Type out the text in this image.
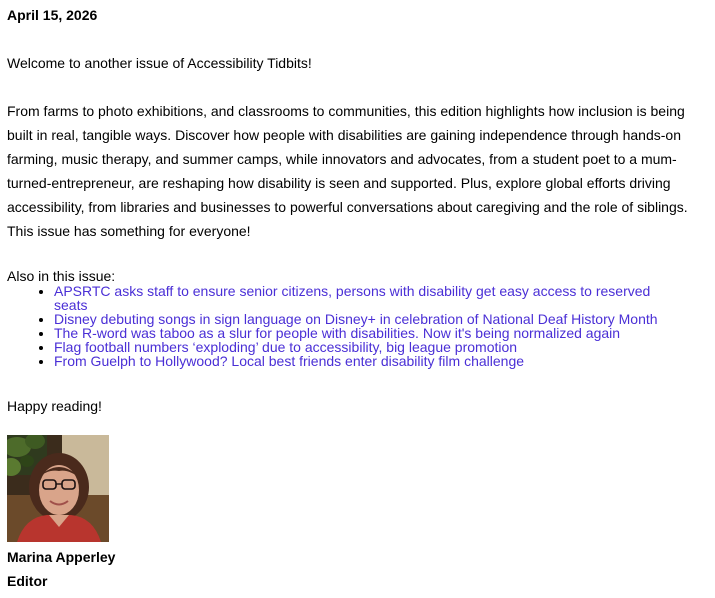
April 15, 2026

Welcome to another issue of Accessibility Tidbits!

From farms to photo exhibitions, and classrooms to communities, this edition highlights how inclusion is being built in real, tangible ways. Discover how people with disabilities are gaining independence through hands-on farming, music therapy, and summer camps, while innovators and advocates, from a student poet to a mum-turned-entrepreneur, are reshaping how disability is seen and supported. Plus, explore global efforts driving accessibility, from libraries and businesses to powerful conversations about caregiving and the role of siblings. This issue has something for everyone!

Also in this issue:
• APSRTC asks staff to ensure senior citizens, persons with disability get easy access to reserved seats
• Disney debuting songs in sign language on Disney+ in celebration of National Deaf History Month
• The R-word was taboo as a slur for people with disabilities. Now it's being normalized again
• Flag football numbers ‘exploding’ due to accessibility, big league promotion
• From Guelph to Hollywood? Local best friends enter disability film challenge

Happy reading!

Marina Apperley
Editor
